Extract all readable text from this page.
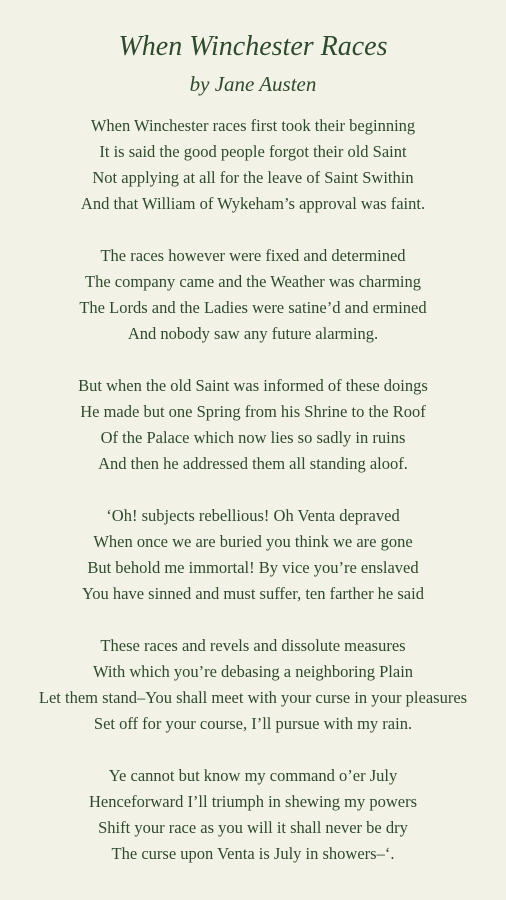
When Winchester Races
by Jane Austen
When Winchester races first took their beginning
It is said the good people forgot their old Saint
Not applying at all for the leave of Saint Swithin
And that William of Wykeham’s approval was faint.
The races however were fixed and determined
The company came and the Weather was charming
The Lords and the Ladies were satine’d and ermined
And nobody saw any future alarming.
But when the old Saint was informed of these doings
He made but one Spring from his Shrine to the Roof
Of the Palace which now lies so sadly in ruins
And then he addressed them all standing aloof.
‘Oh! subjects rebellious! Oh Venta depraved
When once we are buried you think we are gone
But behold me immortal! By vice you’re enslaved
You have sinned and must suffer, ten farther he said
These races and revels and dissolute measures
With which you’re debasing a neighboring Plain
Let them stand–You shall meet with your curse in your pleasures
Set off for your course, I’ll pursue with my rain.
Ye cannot but know my command o’er July
Henceforward I’ll triumph in shewing my powers
Shift your race as you will it shall never be dry
The curse upon Venta is July in showers–‘.
